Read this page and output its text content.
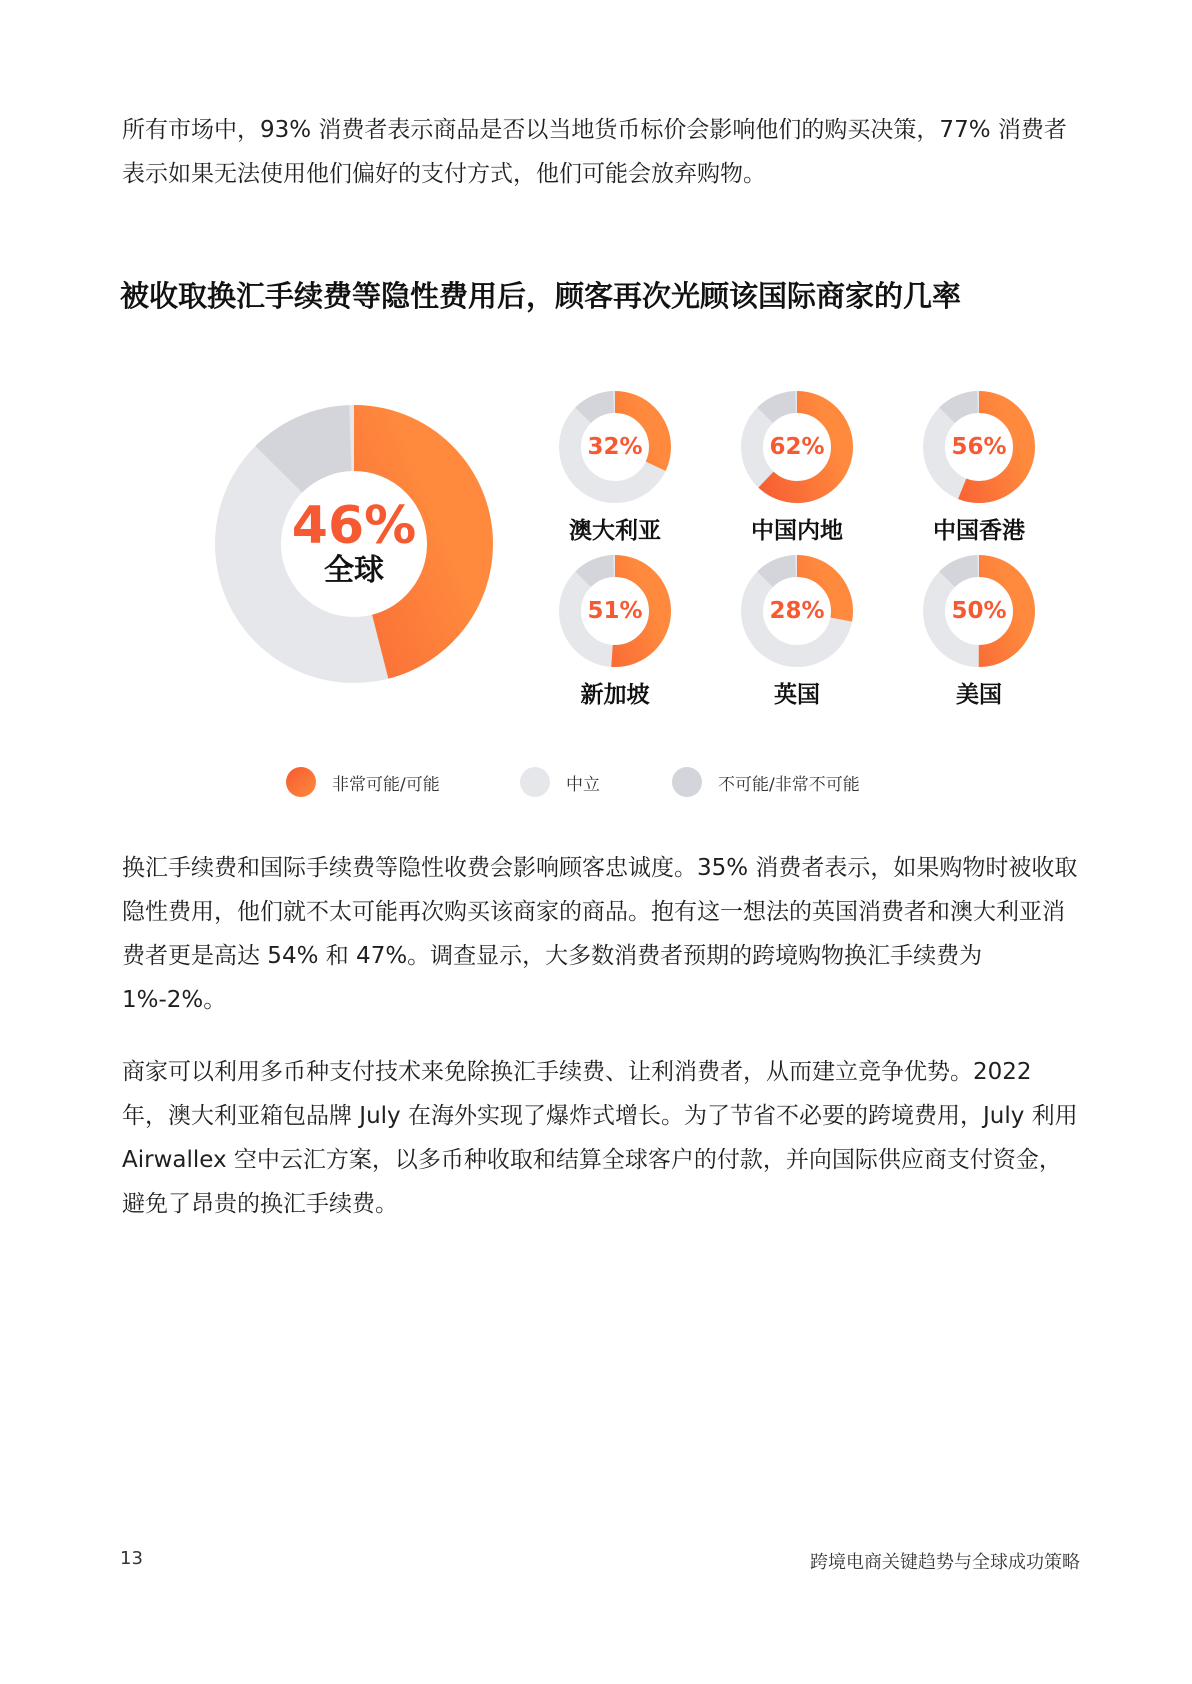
所有市场中，93% 消费者表示商品是否以当地货币标价会影响他们的购买决策，77% 消费者表示如果无法使用他们偏好的支付方式，他们可能会放弃购物。

被收取换汇手续费等隐性费用后，顾客再次光顾该国际商家的几率
46%
全球
32%
澳大利亚
62%
中国内地
56%
中国香港
51%
新加坡
28%
英国
50%
美国
非常可能/可能	中立	不可能/非常不可能

换汇手续费和国际手续费等隐性收费会影响顾客忠诚度。35% 消费者表示，如果购物时被收取隐性费用，他们就不太可能再次购买该商家的商品。抱有这一想法的英国消费者和澳大利亚消费者更是高达 54% 和 47%。调查显示，大多数消费者预期的跨境购物换汇手续费为 1%-2%。

商家可以利用多币种支付技术来免除换汇手续费、让利消费者，从而建立竞争优势。2022 年，澳大利亚箱包品牌 July 在海外实现了爆炸式增长。为了节省不必要的跨境费用，July 利用 Airwallex 空中云汇方案，以多币种收取和结算全球客户的付款，并向国际供应商支付资金，避免了昂贵的换汇手续费。

13	跨境电商关键趋势与全球成功策略
